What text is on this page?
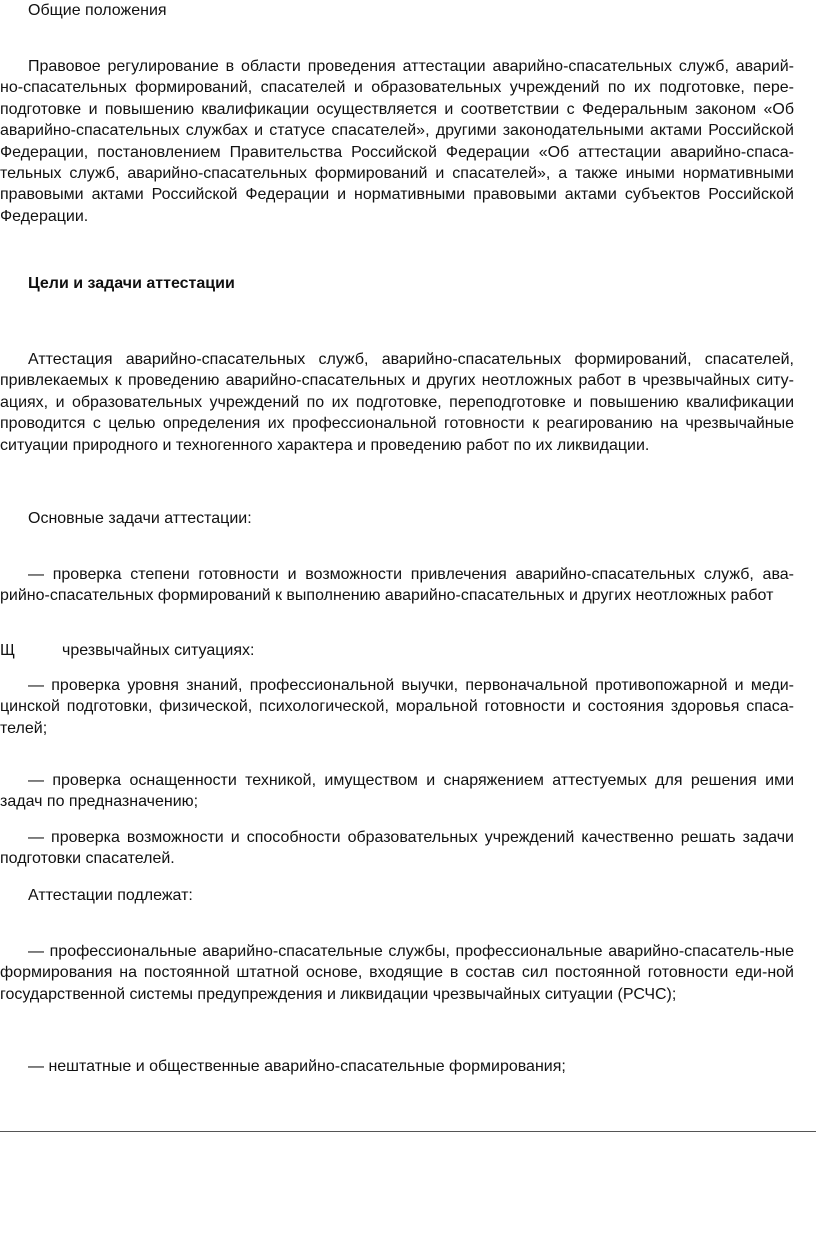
Общие положения

Правовое регулирование в области проведения аттестации аварийно-спасательных служб, аварий-но-спасательных формирований, спасателей и образовательных учреждений по их подготовке, пере-подготовке и повышению квалификации осуществляется и соответствии с Федеральным законом «Об аварийно-спасательных службах и статусе спасателей», другими законодательными актами Российской Федерации, постановлением Правительства Российской Федерации «Об аттестации аварийно-спаса-тельных служб, аварийно-спасательных формирований и спасателей», а также иными нормативными правовыми актами Российской Федерации и нормативными правовыми актами субъектов Российской Федерации.

Цели и задачи аттестации

Аттестация аварийно-спасательных служб, аварийно-спасательных формирований, спасателей, привлекаемых к проведению аварийно-спасательных и других неотложных работ в чрезвычайных ситу-ациях, и образовательных учреждений по их подготовке, переподготовке и повышению квалификации проводится с целью определения их профессиональной готовности к реагированию на чрезвычайные ситуации природного и техногенного характера и проведению работ по их ликвидации.

Основные задачи аттестации:

— проверка степени готовности и возможности привлечения аварийно-спасательных служб, ава-рийно-спасательных формирований к выполнению аварийно-спасательных и других неотложных работ

Щ	чрезвычайных ситуациях:

— проверка уровня знаний, профессиональной выучки, первоначальной противопожарной и меди-цинской подготовки, физической, психологической, моральной готовности и состояния здоровья спаса-телей;

— проверка оснащенности техникой, имуществом и снаряжением аттестуемых для решения ими задач по предназначению;

— проверка возможности и способности образовательных учреждений качественно решать задачи подготовки спасателей.

Аттестации подлежат:

— профессиональные аварийно-спасательные службы, профессиональные аварийно-спасатель-ные формирования на постоянной штатной основе, входящие в состав сил постоянной готовности еди-ной государственной системы предупреждения и ликвидации чрезвычайных ситуации (РСЧС);

— нештатные и общественные аварийно-спасательные формирования;
